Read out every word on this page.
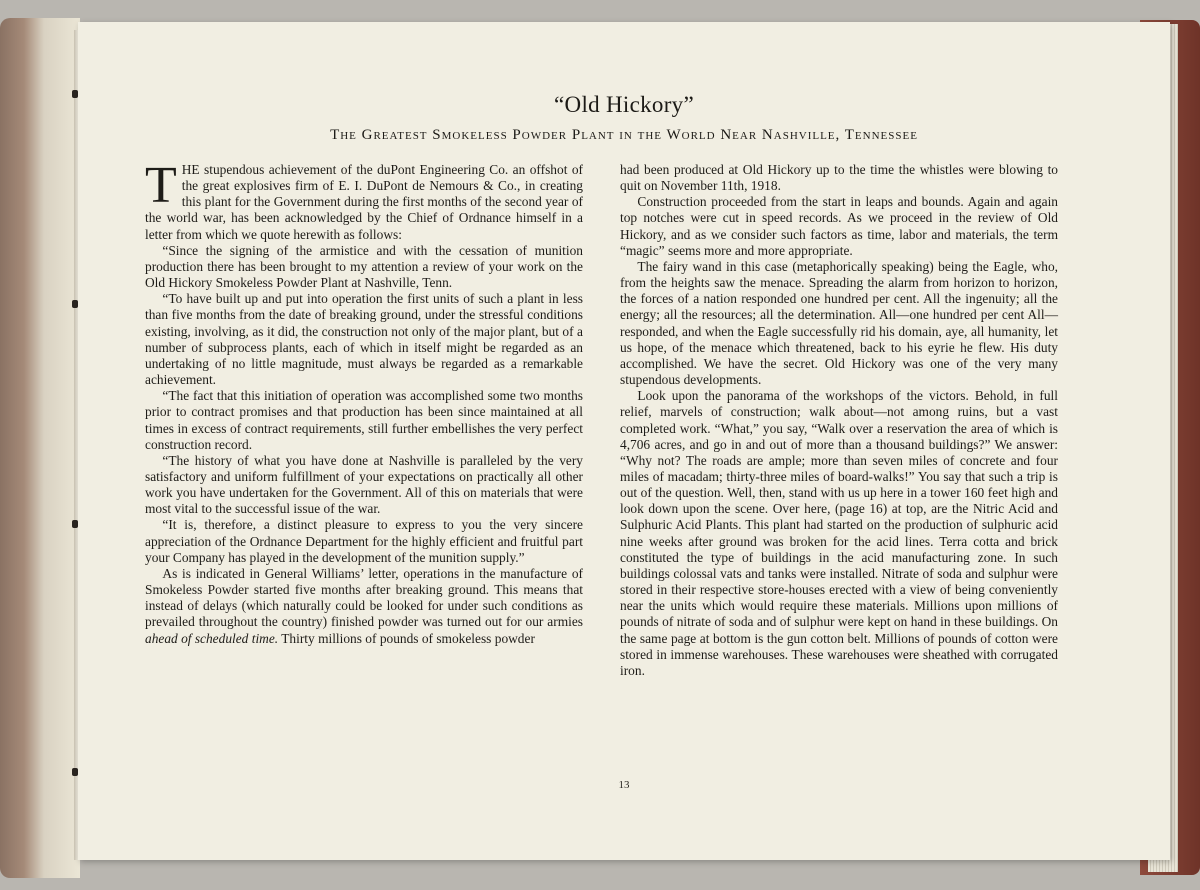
“Old Hickory”
The Greatest Smokeless Powder Plant in the World Near Nashville, Tennessee

THE stupendous achievement of the duPont Engineering Co. an offshot of the great explosives firm of E. I. DuPont de Nemours & Co., in creating this plant for the Government during the first months of the second year of the world war, has been acknowledged by the Chief of Ordnance himself in a letter from which we quote herewith as follows:

“Since the signing of the armistice and with the cessation of munition production there has been brought to my attention a review of your work on the Old Hickory Smokeless Powder Plant at Nashville, Tenn.

“To have built up and put into operation the first units of such a plant in less than five months from the date of breaking ground, under the stressful conditions existing, involving, as it did, the construction not only of the major plant, but of a number of subprocess plants, each of which in itself might be regarded as an undertaking of no little magnitude, must always be regarded as a remarkable achievement.

“The fact that this initiation of operation was accomplished some two months prior to contract promises and that production has been since maintained at all times in excess of contract requirements, still further embellishes the very perfect construction record.

“The history of what you have done at Nashville is paralleled by the very satisfactory and uniform fulfillment of your expectations on practically all other work you have undertaken for the Government. All of this on materials that were most vital to the successful issue of the war.

“It is, therefore, a distinct pleasure to express to you the very sincere appreciation of the Ordnance Department for the highly efficient and fruitful part your Company has played in the development of the munition supply.”

As is indicated in General Williams’ letter, operations in the manufacture of Smokeless Powder started five months after breaking ground. This means that instead of delays (which naturally could be looked for under such conditions as prevailed throughout the country) finished powder was turned out for our armies ahead of scheduled time. Thirty millions of pounds of smokeless powder

had been produced at Old Hickory up to the time the whistles were blowing to quit on November 11th, 1918.

Construction proceeded from the start in leaps and bounds. Again and again top notches were cut in speed records. As we proceed in the review of Old Hickory, and as we consider such factors as time, labor and materials, the term “magic” seems more and more appropriate.

The fairy wand in this case (metaphorically speaking) being the Eagle, who, from the heights saw the menace. Spreading the alarm from horizon to horizon, the forces of a nation responded one hundred per cent. All the ingenuity; all the energy; all the resources; all the determination. All—one hundred per cent All—responded, and when the Eagle successfully rid his domain, aye, all humanity, let us hope, of the menace which threatened, back to his eyrie he flew. His duty accomplished. We have the secret. Old Hickory was one of the very many stupendous developments.

Look upon the panorama of the workshops of the victors. Behold, in full relief, marvels of construction; walk about—not among ruins, but a vast completed work. “What,” you say, “Walk over a reservation the area of which is 4,706 acres, and go in and out of more than a thousand buildings?” We answer: “Why not? The roads are ample; more than seven miles of concrete and four miles of macadam; thirty-three miles of board-walks!” You say that such a trip is out of the question. Well, then, stand with us up here in a tower 160 feet high and look down upon the scene. Over here, (page 16) at top, are the Nitric Acid and Sulphuric Acid Plants. This plant had started on the production of sulphuric acid nine weeks after ground was broken for the acid lines. Terra cotta and brick constituted the type of buildings in the acid manufacturing zone. In such buildings colossal vats and tanks were installed. Nitrate of soda and sulphur were stored in their respective store-houses erected with a view of being conveniently near the units which would require these materials. Millions upon millions of pounds of nitrate of soda and of sulphur were kept on hand in these buildings. On the same page at bottom is the gun cotton belt. Millions of pounds of cotton were stored in immense warehouses. These warehouses were sheathed with corrugated iron.

13
